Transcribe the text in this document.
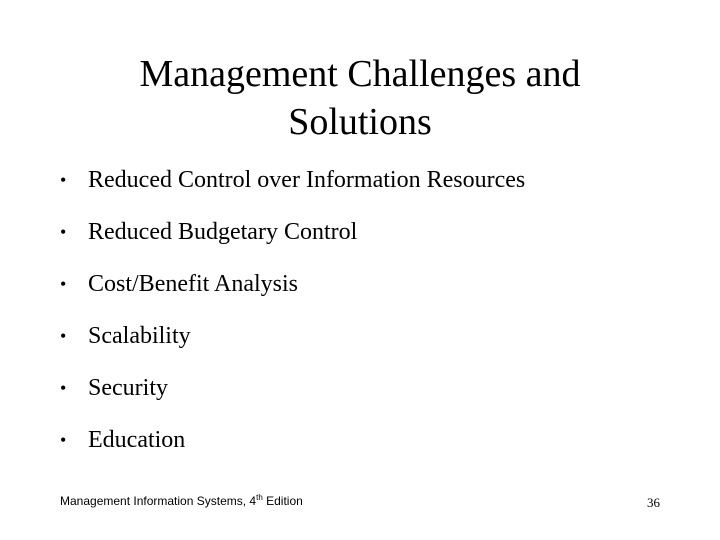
Management Challenges and
Solutions
• Reduced Control over Information Resources
• Reduced Budgetary Control
• Cost/Benefit Analysis
• Scalability
• Security
• Education
Management Information Systems, 4th Edition	36
